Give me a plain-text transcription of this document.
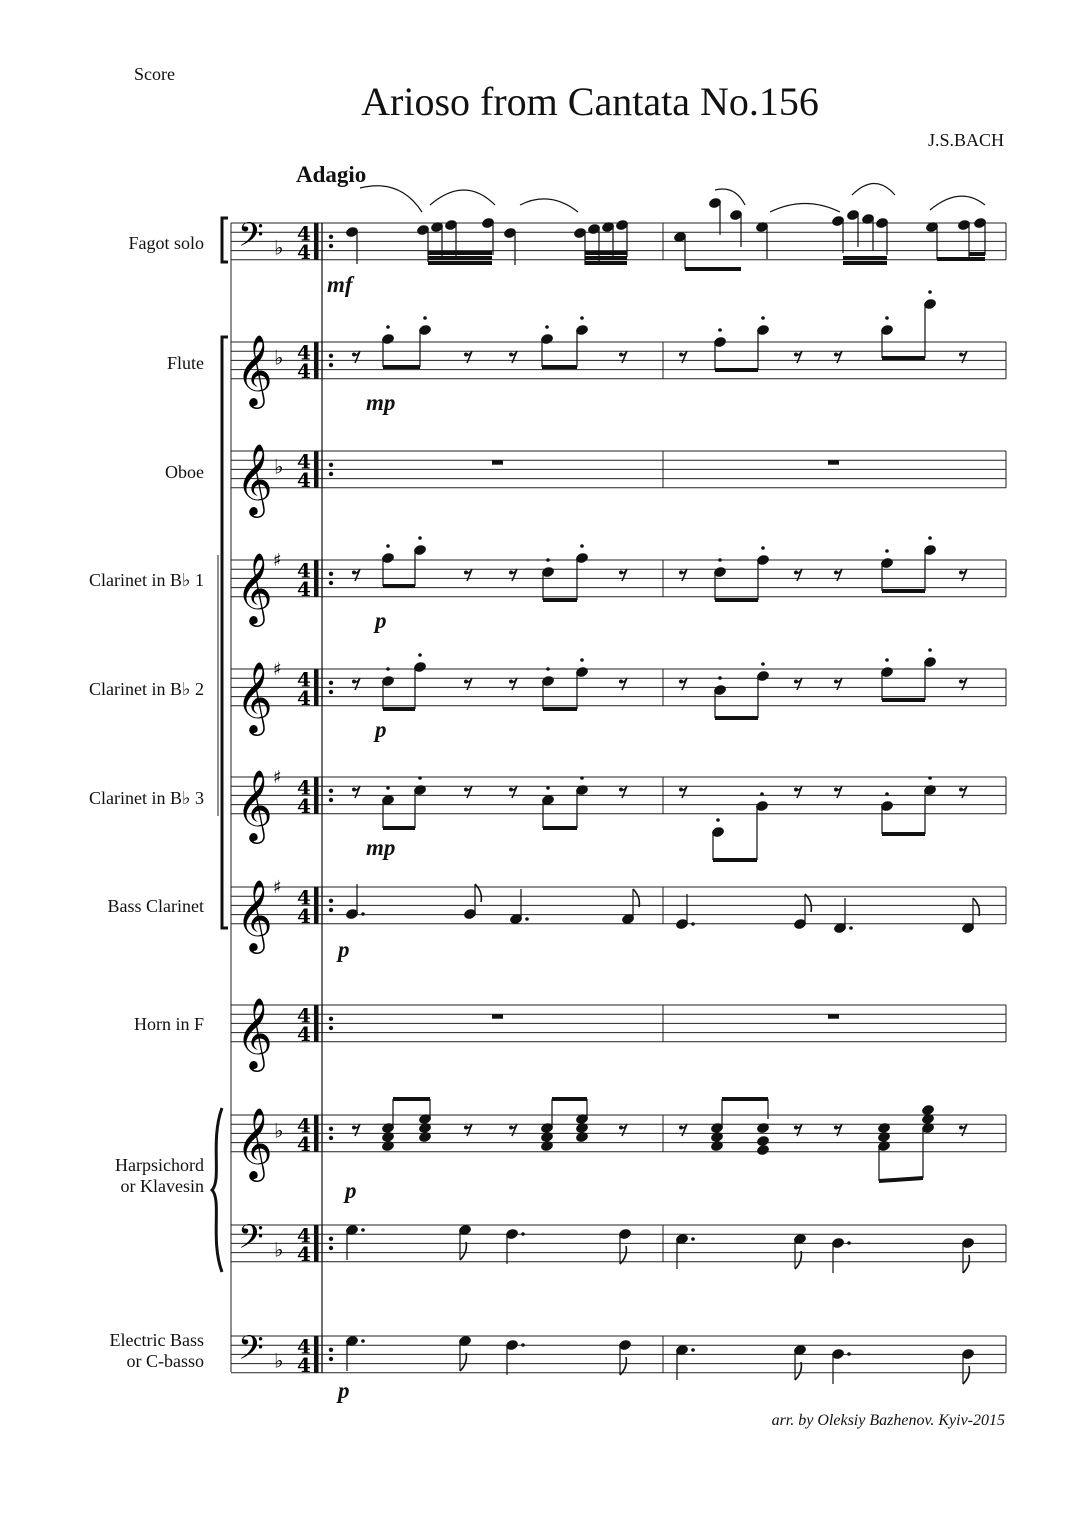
Score
Arioso from Cantata No.156
J.S.BACH
Adagio
Fagot solo
Flute
Oboe
Clarinet in B♭ 1
Clarinet in B♭ 2
Clarinet in B♭ 3
Bass Clarinet
Horn in F
Harpsichord
or Klavesin
Electric Bass
or C-basso
mf
mp
p
p
mp
p
p
p
arr. by Oleksiy Bazhenov. Kyiv-2015
𝄢 ♭
4
4
𝄞 ♭ 4
4
𝄞 ♭ 4
4
𝄞 ♯ 4
4
𝄞 ♯ 4
4
𝄞 ♯ 4
4
𝄞 ♯ 4
4
𝄞 4
4
𝄞 ♭ 4
4
𝄢 ♭
4
4
𝄢 ♭
4
4
